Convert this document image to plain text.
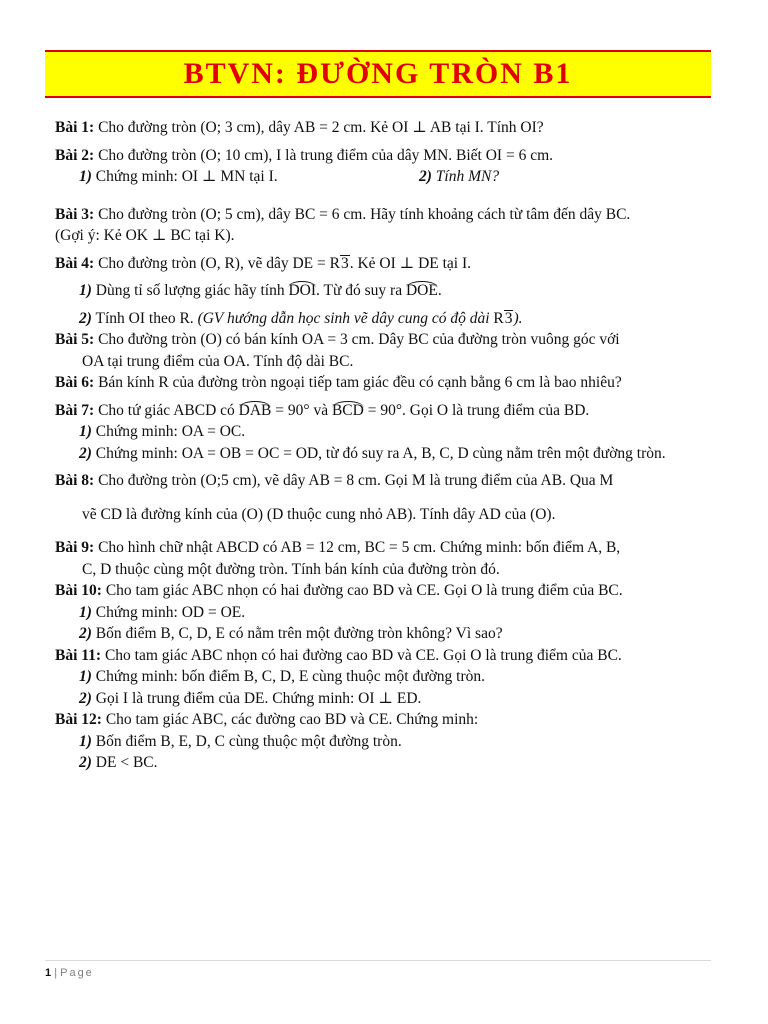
BTVN: ĐƯỜNG TRÒN B1

Bài 1: Cho đường tròn (O; 3 cm), dây AB = 2 cm. Kẻ OI ⊥ AB tại I. Tính OI?

Bài 2: Cho đường tròn (O; 10 cm), I là trung điểm của dây MN. Biết OI = 6 cm.

1) Chứng minh: OI ⊥ MN tại I.	2) Tính MN?

Bài 3: Cho đường tròn (O; 5 cm), dây BC = 6 cm. Hãy tính khoảng cách từ tâm đến dây BC.

(Gợi ý: Kẻ OK ⊥ BC tại K).

Bài 4: Cho đường tròn (O, R), vẽ dây DE = R3. Kẻ OI ⊥ DE tại I.

1) Dùng tỉ số lượng giác hãy tính DOI. Từ đó suy ra DOE.

2) Tính OI theo R. (GV hướng dẫn học sinh vẽ dây cung có độ dài R3).

Bài 5: Cho đường tròn (O) có bán kính OA = 3 cm. Dây BC của đường tròn vuông góc với

OA tại trung điểm của OA. Tính độ dài BC.

Bài 6: Bán kính R của đường tròn ngoại tiếp tam giác đều có cạnh bằng 6 cm là bao nhiêu?

Bài 7: Cho tứ giác ABCD có DAB = 90° và BCD = 90°. Gọi O là trung điểm của BD.

1) Chứng minh: OA = OC.

2) Chứng minh: OA = OB = OC = OD, từ đó suy ra A, B, C, D cùng nằm trên một đường tròn.

Bài 8: Cho đường tròn (O;5 cm), vẽ dây AB = 8 cm. Gọi M là trung điểm của AB. Qua M

vẽ CD là đường kính của (O) (D thuộc cung nhỏ AB). Tính dây AD của (O).

Bài 9: Cho hình chữ nhật ABCD có AB = 12 cm, BC = 5 cm. Chứng minh: bốn điểm A, B,

C, D thuộc cùng một đường tròn. Tính bán kính của đường tròn đó.

Bài 10: Cho tam giác ABC nhọn có hai đường cao BD và CE. Gọi O là trung điểm của BC.

1) Chứng minh: OD = OE.

2) Bốn điểm B, C, D, E có nằm trên một đường tròn không? Vì sao?

Bài 11: Cho tam giác ABC nhọn có hai đường cao BD và CE. Gọi O là trung điểm của BC.

1) Chứng minh: bốn điểm B, C, D, E cùng thuộc một đường tròn.

2) Gọi I là trung điểm của DE. Chứng minh: OI ⊥ ED.

Bài 12: Cho tam giác ABC, các đường cao BD và CE. Chứng minh:

1) Bốn điểm B, E, D, C cùng thuộc một đường tròn.

2) DE < BC.

1 | Page
